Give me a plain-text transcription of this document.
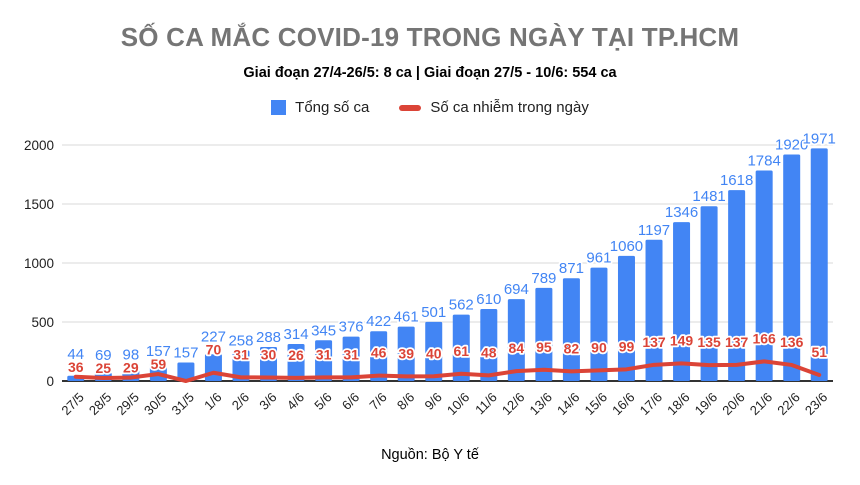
0
500
1000
1500
2000
27/5 28/5 29/5 30/5 31/5 1/6 2/6 3/6 4/6 5/6 6/6 7/6 8/6 9/6 10/6 11/6 12/6 13/6 14/6 15/6 16/6 17/6 18/6 19/6 20/6 21/6 22/6 23/6
36 25 29 59
70 31 30 26 31 31 46 39 40 61 48 84 95 82 90 99 137 149 135 137 166 136
51
44 69 98 157 157
227 258 288 314 345 376 422 461 501 562 610
694
789
871
961
1060
1197
1346
1481
1618
1784
1920
1971
SỐ CA MẮC COVID-19 TRONG NGÀY TẠI TP.HCM
Giai đoạn 27/4-26/5: 8 ca | Giai đoạn 27/5 - 10/6: 554 ca
Tổng số ca	Số ca nhiễm trong ngày
Nguồn: Bộ Y tế
